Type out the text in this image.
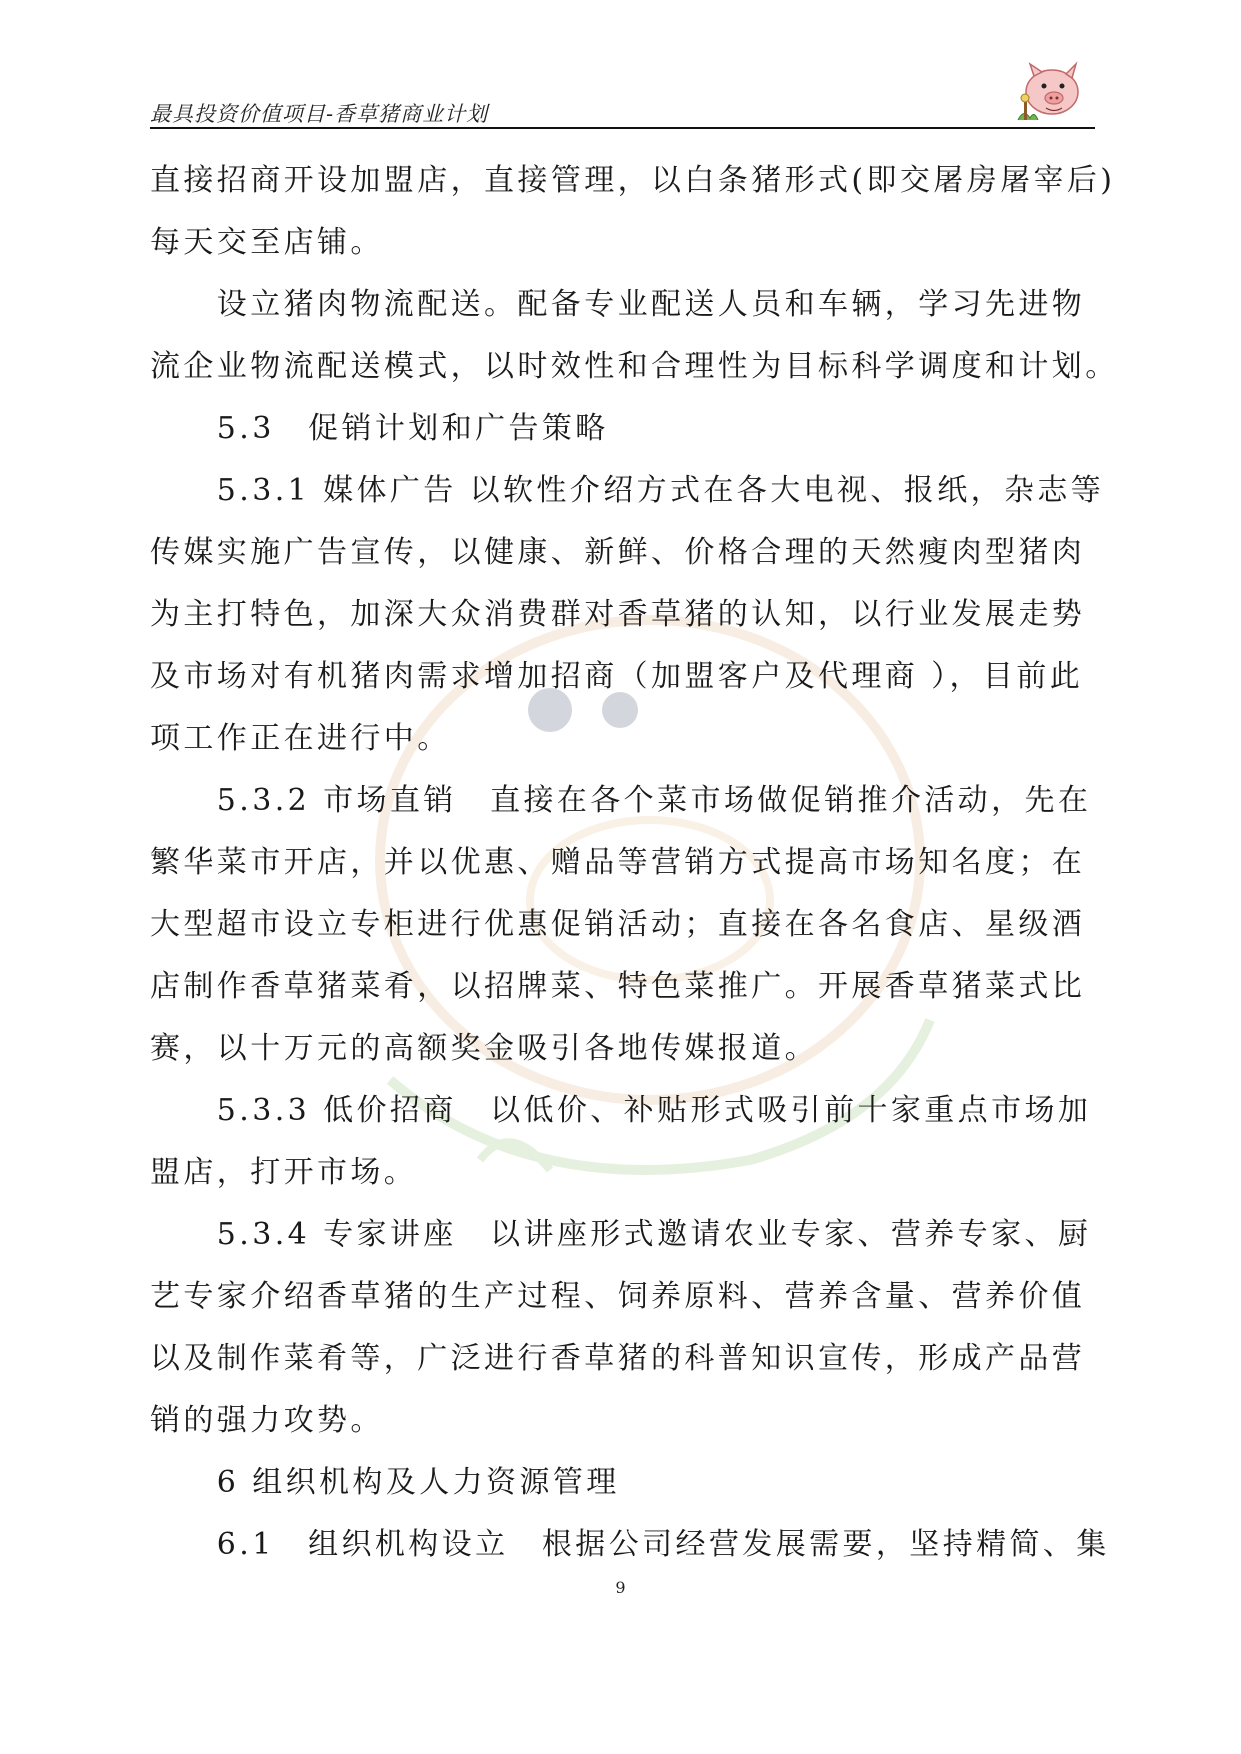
最具投资价值项目-香草猪商业计划
直接招商开设加盟店，直接管理，以白条猪形式(即交屠房屠宰后)
每天交至店铺。
　　设立猪肉物流配送。配备专业配送人员和车辆，学习先进物
流企业物流配送模式，以时效性和合理性为目标科学调度和计划。
　　5.3　促销计划和广告策略
　　5.3.1 媒体广告 以软性介绍方式在各大电视、报纸，杂志等
传媒实施广告宣传，以健康、新鲜、价格合理的天然瘦肉型猪肉
为主打特色，加深大众消费群对香草猪的认知，以行业发展走势
及市场对有机猪肉需求增加招商（加盟客户及代理商 ），目前此
项工作正在进行中。
　　5.3.2 市场直销　直接在各个菜市场做促销推介活动，先在
繁华菜市开店，并以优惠、赠品等营销方式提高市场知名度；在
大型超市设立专柜进行优惠促销活动；直接在各名食店、星级酒
店制作香草猪菜肴，以招牌菜、特色菜推广。开展香草猪菜式比
赛，以十万元的高额奖金吸引各地传媒报道。
　　5.3.3 低价招商　以低价、补贴形式吸引前十家重点市场加
盟店，打开市场。
　　5.3.4 专家讲座　以讲座形式邀请农业专家、营养专家、厨
艺专家介绍香草猪的生产过程、饲养原料、营养含量、营养价值
以及制作菜肴等，广泛进行香草猪的科普知识宣传，形成产品营
销的强力攻势。
　　6 组织机构及人力资源管理
　　6.1　组织机构设立　根据公司经营发展需要，坚持精简、集
9
